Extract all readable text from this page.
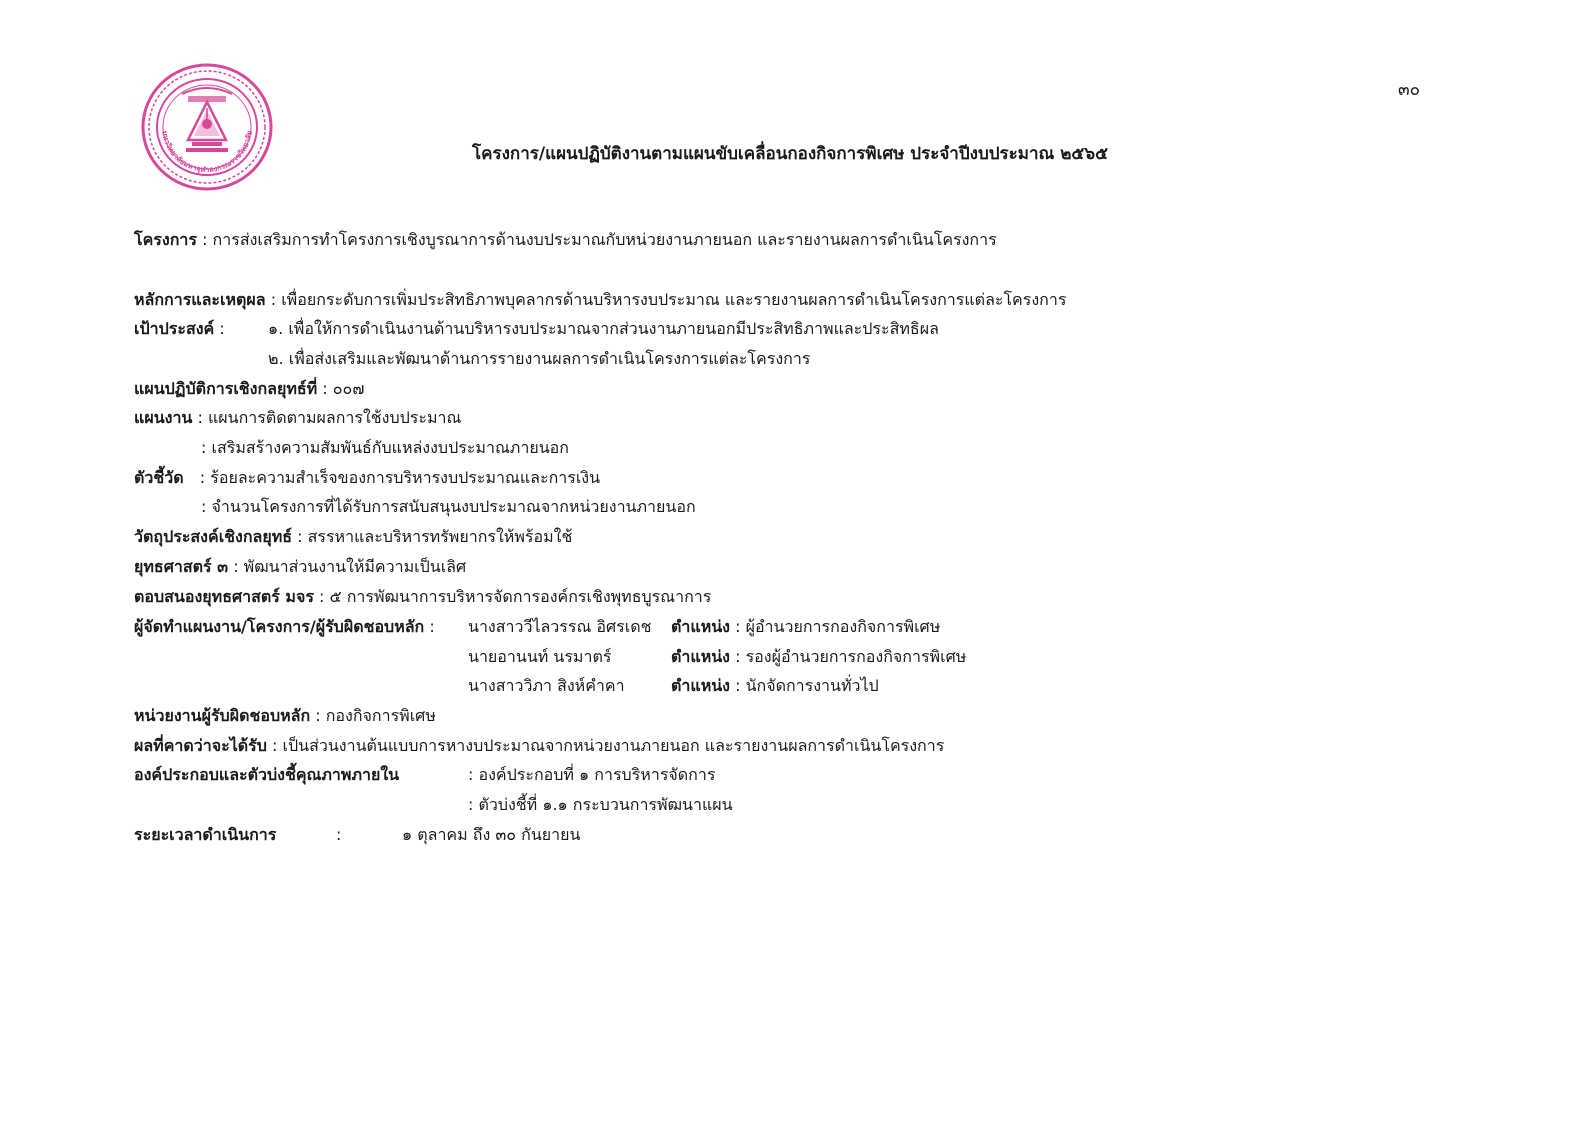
มหาวิทยาลัยมหาจุฬาลงกรณราชวิทยาลัย
๓๐
โครงการ/แผนปฏิบัติงานตามแผนขับเคลื่อนกองกิจการพิเศษ ประจำปีงบประมาณ ๒๕๖๕
โครงการ : การส่งเสริมการทำโครงการเชิงบูรณาการด้านงบประมาณกับหน่วยงานภายนอก และรายงานผลการดำเนินโครงการ
หลักการและเหตุผล : เพื่อยกระดับการเพิ่มประสิทธิภาพบุคลากรด้านบริหารงบประมาณ และรายงานผลการดำเนินโครงการแต่ละโครงการ
เป้าประสงค์ :	๑. เพื่อให้การดำเนินงานด้านบริหารงบประมาณจากส่วนงานภายนอกมีประสิทธิภาพและประสิทธิผล
๒. เพื่อส่งเสริมและพัฒนาด้านการรายงานผลการดำเนินโครงการแต่ละโครงการ
แผนปฏิบัติการเชิงกลยุทธ์ที่ : ๐๐๗
แผนงาน : แผนการติดตามผลการใช้งบประมาณ
: เสริมสร้างความสัมพันธ์กับแหล่งงบประมาณภายนอก
ตัวชี้วัด : ร้อยละความสำเร็จของการบริหารงบประมาณและการเงิน
: จำนวนโครงการที่ได้รับการสนับสนุนงบประมาณจากหน่วยงานภายนอก
วัตถุประสงค์เชิงกลยุทธ์ : สรรหาและบริหารทรัพยากรให้พร้อมใช้
ยุทธศาสตร์ ๓ : พัฒนาส่วนงานให้มีความเป็นเลิศ
ตอบสนองยุทธศาสตร์ มจร : ๕ การพัฒนาการบริหารจัดการองค์กรเชิงพุทธบูรณาการ
ผู้จัดทำแผนงาน/โครงการ/ผู้รับผิดชอบหลัก : นางสาววีไลวรรณ อิศรเดช ตำแหน่ง : ผู้อำนวยการกองกิจการพิเศษ
นายอานนท์ นรมาตร์	ตำแหน่ง : รองผู้อำนวยการกองกิจการพิเศษ
นางสาววิภา สิงห์คำคา	ตำแหน่ง : นักจัดการงานทั่วไป
หน่วยงานผู้รับผิดชอบหลัก : กองกิจการพิเศษ
ผลที่คาดว่าจะได้รับ : เป็นส่วนงานต้นแบบการหางบประมาณจากหน่วยงานภายนอก และรายงานผลการดำเนินโครงการ
องค์ประกอบและตัวบ่งชี้คุณภาพภายใน	: องค์ประกอบที่ ๑ การบริหารจัดการ
: ตัวบ่งชี้ที่ ๑.๑ กระบวนการพัฒนาแผน
ระยะเวลาดำเนินการ	:	๑ ตุลาคม ถึง ๓๐ กันยายน
